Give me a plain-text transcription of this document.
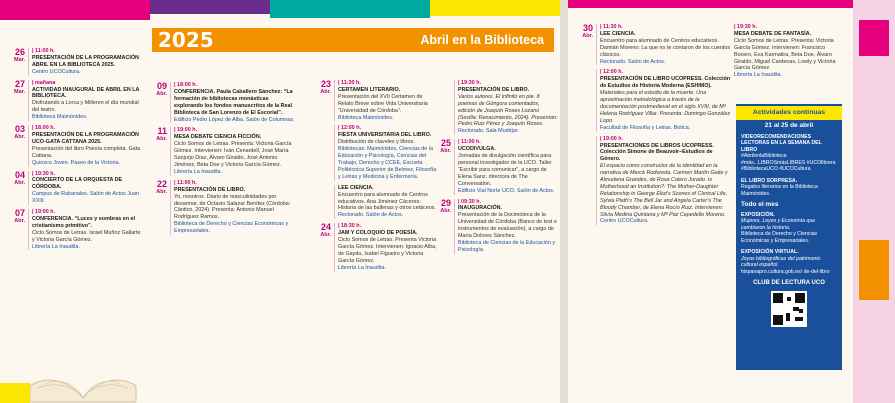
2025	Abril en la Biblioteca
26
Mar.
| 11:00 h.
PRESENTACIÓN DE LA PROGRAMACIÓN ABRIL EN LA BIBLIOTECA 2025.
Centro UCOCultura.
27
Mar.
| mañana
ACTIVIDAD INAUGURAL DE ABRIL EN LA BIBLIOTECA.
Disfrutando a Lorca y Milleren el día mundial del teatro.
Biblioteca Maimónides.
03
Abr.
| 18:00 h.
PRESENTACIÓN DE LA PROGRAMACIÓN UCO-GATA CATTANA 2025.
Presentación del libro Poesía completa. Gata Cattana.
Quioxco Joven. Paseo de la Victoria.
04
Abr.
| 19:30 h.
CONCIERTO DE LA ORQUESTA DE CÓRDOBA.
Campus de Rabanales. Salón de Actos Juan XXIII.
07
Abr.
| 19:00 h.
CONFERENCIA. “Luces y sombras en el cristianismo primitivo”.
Ciclo Somos de Letras. Israel Muñoz Gallarte y Victoria García Gómez.
Librería La Inaudita.
09
Abr.
| 18:00 h.
CONFERENCIA. Paula Caballero Sánchez: “La formación de bibliotecas monásticas explorando los fondos manuscritos de la Real Biblioteca de San Lorenzo de El Escorial”.
Edificio Pedro López de Alba. Salón de Columnas.
11
Abr.
| 19:00 h.
MESA DEBATE CIENCIA FICCIÓN.
Ciclo Somos de Letras. Presenta: Victoria García Gómez. Intervienen: Iván Cenardell, José María Sanjurjo Díaz, Álvaro Giraldo, José Antonio Jiménez, Beta Doe y Victoria García Gómez.
Librería La Inaudita.
22
Abr.
| 11:00 h.
PRESENTACIÓN DE LIBRO.
Yo, nosotros. Diario de masculinidades por desarmar, de Octavio Salazar Benítez (Córdoba: Cántico, 2024). Presenta: Antonio Manuel Rodríguez Ramos.
Biblioteca de Derecho y Ciencias Económicas y Empresariales.
23
Abr.
| 11:30 h.
CERTAMEN LITERARIO.
Presentación del XVII Certamen de Relato Breve sobre Vida Universitaria “Universidad de Córdoba”.
Biblioteca Maimónides.
| 12:00 h.
FIESTA UNIVERSITARIA DEL LIBRO.
Distribución de claveles y libros.
Bibliotecas: Maimónides, Ciencias de la Educación y Psicología, Ciencias del Trabajo, Derecho y CCEE, Escuela Politécnica Superior de Belmez, Filosofía y Letras y Medicina y Enfermería.
LEE CIENCIA.
Encuentro para alumnado de Centros educativos. Ana Jiménez Cáceres: Historia de las ballenas y otros cetáceos.
Rectorado. Salón de Actos.
24
Abr.
| 18:30 h.
JAM Y COLOQUIO DE POESÍA.
Ciclo Somos de Letras. Presenta Victoria García Gómez. Intervienen: Ignacio Alba, de Gaydu, Isabel Figueiro y Victoria García Gómez.
Librería La Inaudita.
| 19:30 h.
PRESENTACIÓN DE LIBRO.
Varios autores. El infinito en pie. 8 poemas de Góngora comentados, edición de Joaquín Roses Lozano (Sevilla: Renacimiento, 2024). Presentan: Pedro Ruiz Pérez y Joaquín Roses.
Rectorado. Sala Mudéjar.
25
Abr.
| 11:00 h.
UCODIVULGA.
Jornadas de divulgación científica para personal investigador de la UCO. Taller “Escribir para comunicar”, a cargo de Elena Sanz, directora de The Conversation.
Edificio Vial Norte UCO. Salón de Actos.
29
Abr.
| 09:30 h.
INAUGURACIÓN.
Presentación de la Docimoteca de la Universidad de Córdoba (Banco de test e instrumentos de evaluación), a cargo de María Dolores Sánchez.
Biblioteca de Ciencias de la Educación y Psicología.
30
Abr.
| 11:30 h.
LEE CIENCIA.
Encuentro para alumnado de Centros educativos. Damián Moreno: La que no te contaron de los cuentos clásicos.
Rectorado. Salón de Actos.
| 12:00 h.
PRESENTACIÓN DE LIBRO UCOPRESS. Colección de Estudios de Historia Moderna (ESHIMO).
Materiales para el estudio de la muerte. Una aproximación metodológica a través de la documentación postmedieval en el siglo XVIII, de Mª Helena Rodríguez Villar. Presenta: Domingo González Lopo.
Facultad de Filosofía y Letras. Botica.
| 19:00 h.
PRESENTACIONES DE LIBROS UCOPRESS. Colección Simone de Beauvoir–Estudios de Género.
El espacio como constructor de la identidad en la narrativa de Mercè Rodoreda, Carmen Martín Gaite y Almudena Grandes, de Rosa Calero Jurado. Is Motherhood an Institution?: The Mother-Daughter Relationship in George Eliot's Scenes of Clerical Life, Sylvia Plath's The Bell Jar and Angela Carter's The Bloody Chamber, de Elena Rocío Ruiz. Intervienen: Silvia Medina Quintana y Mª Paz Cepedello Moreno.
Centro UCOCultura.
| 19:30 h.
MESA DEBATE DE FANTASÍA.
Ciclo Somos de Letras. Presenta: Victoria García Gómez. Intervienen: Francisco Bocero, Eva Karmatira, Beta Doe, Álvaro Giraldo, Miguel Cardenas, Lowly y Victoria García Gómez.
Librería La Inaudita.
21 al 25 de abril
VIDEORECOMENDACIONES LECTORAS EN LA SEMANA DEL LIBRO
#AbrilenlaBiblioteca #más...LIBROSmásLIBRES #UCOlibrera #BibliotecaUCO #UCOCultura
EL LIBRO SORPRESA.
Regalos literarios en la Biblioteca Maimónides.
Todo el mes
EXPOSICIÓN.
Mujeres, Leyes y Economía que cambiaron la historia.
Biblioteca de Derecho y Ciencias Económicas y Empresariales.
EXPOSICIÓN VIRTUAL.
Joyas bibliográficas del patrimonio cultural español.
hispanapro.cultura.gob.es/ de-del-libro
CLUB DE LECTURA UCO
Actividades continuas
